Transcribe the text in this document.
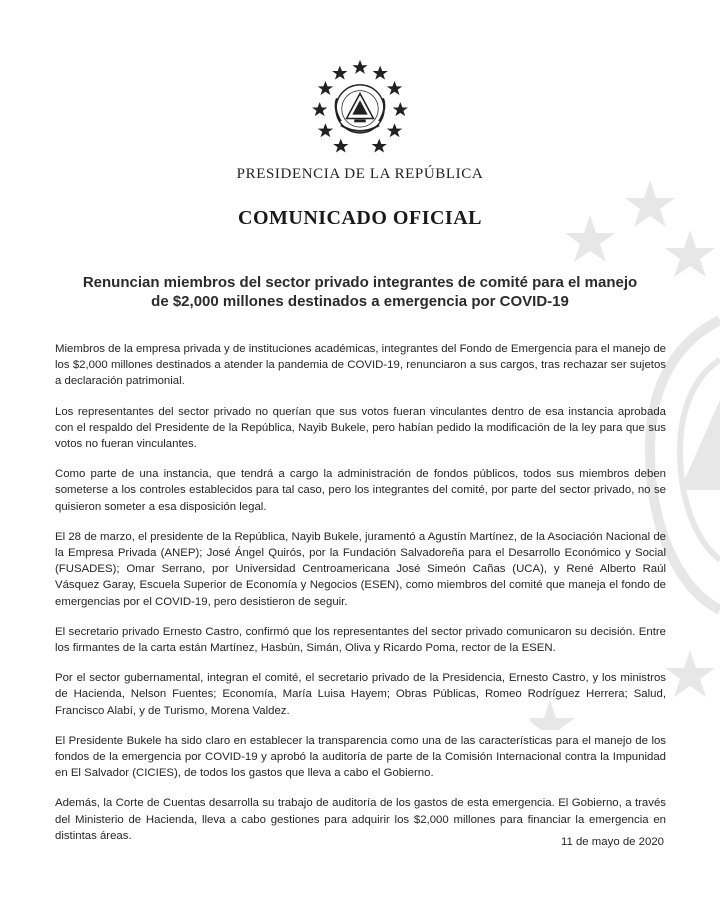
PRESIDENCIA DE LA REPÚBLICA
COMUNICADO OFICIAL
Renuncian miembros del sector privado integrantes de comité para el manejo
de $2,000 millones destinados a emergencia por COVID-19

Miembros de la empresa privada y de instituciones académicas, integrantes del Fondo de Emergencia para el manejo de los $2,000 millones destinados a atender la pandemia de COVID-19, renunciaron a sus cargos, tras rechazar ser sujetos a declaración patrimonial.

Los representantes del sector privado no querían que sus votos fueran vinculantes dentro de esa instancia aprobada con el respaldo del Presidente de la República, Nayib Bukele, pero habían pedido la modificación de la ley para que sus votos no fueran vinculantes.

Como parte de una instancia, que tendrá a cargo la administración de fondos públicos, todos sus miembros deben someterse a los controles establecidos para tal caso, pero los integrantes del comité, por parte del sector privado, no se quisieron someter a esa disposición legal.

El 28 de marzo, el presidente de la República, Nayib Bukele, juramentó a Agustín Martínez, de la Asociación Nacional de la Empresa Privada (ANEP); José Ángel Quirós, por la Fundación Salvadoreña para el Desarrollo Económico y Social (FUSADES); Omar Serrano, por Universidad Centroamericana José Simeón Cañas (UCA), y René Alberto Raúl Vásquez Garay, Escuela Superior de Economía y Negocios (ESEN), como miembros del comité que maneja el fondo de emergencias por el COVID-19, pero desistieron de seguir.

El secretario privado Ernesto Castro, confirmó que los representantes del sector privado comunicaron su decisión. Entre los firmantes de la carta están Martínez, Hasbún, Simán, Oliva y Ricardo Poma, rector de la ESEN.

Por el sector gubernamental, integran el comité, el secretario privado de la Presidencia, Ernesto Castro, y los ministros de Hacienda, Nelson Fuentes; Economía, María Luisa Hayem; Obras Públicas, Romeo Rodríguez Herrera; Salud, Francisco Alabí, y de Turismo, Morena Valdez.

El Presidente Bukele ha sido claro en establecer la transparencia como una de las características para el manejo de los fondos de la emergencia por COVID-19 y aprobó la auditoría de parte de la Comisión Internacional contra la Impunidad en El Salvador (CICIES), de todos los gastos que lleva a cabo el Gobierno.

Además, la Corte de Cuentas desarrolla su trabajo de auditoría de los gastos de esta emergencia. El Gobierno, a través del Ministerio de Hacienda, lleva a cabo gestiones para adquirir los $2,000 millones para financiar la emergencia en distintas áreas.

11 de mayo de 2020
